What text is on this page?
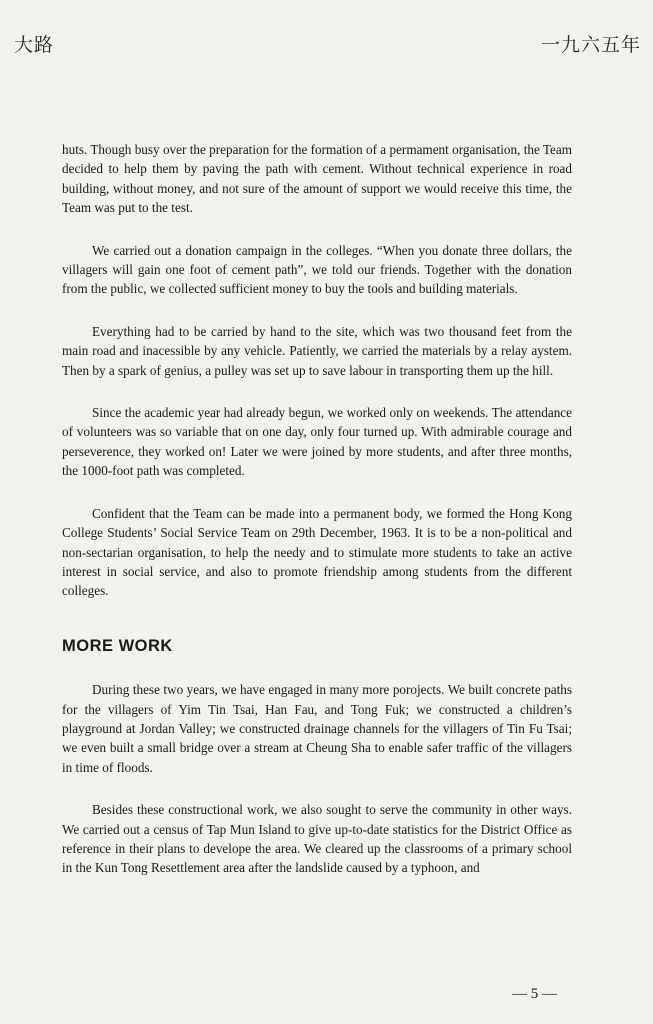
大路	一九六五年

huts. Though busy over the preparation for the formation of a permament organisation, the Team decided to help them by paving the path with cement. Without technical experience in road building, without money, and not sure of the amount of support we would receive this time, the Team was put to the test.

We carried out a donation campaign in the colleges. “When you donate three dollars, the villagers will gain one foot of cement path”, we told our friends. Together with the donation from the public, we collected sufficient money to buy the tools and building materials.

Everything had to be carried by hand to the site, which was two thousand feet from the main road and inacessible by any vehicle. Patiently, we carried the materials by a relay aystem. Then by a spark of genius, a pulley was set up to save labour in transporting them up the hill.

Since the academic year had already begun, we worked only on weekends. The attendance of volunteers was so variable that on one day, only four turned up. With admirable courage and perseverence, they worked on! Later we were joined by more students, and after three months, the 1000-foot path was completed.

Confident that the Team can be made into a permanent body, we formed the Hong Kong College Students’ Social Service Team on 29th December, 1963. It is to be a non-political and non-sectarian organisation, to help the needy and to stimulate more students to take an active interest in social service, and also to promote friendship among students from the different colleges.

MORE WORK

During these two years, we have engaged in many more porojects. We built concrete paths for the villagers of Yim Tin Tsai, Han Fau, and Tong Fuk; we constructed a children’s playground at Jordan Valley; we constructed drainage channels for the villagers of Tin Fu Tsai; we even built a small bridge over a stream at Cheung Sha to enable safer traffic of the villagers in time of floods.

Besides these constructional work, we also sought to serve the community in other ways. We carried out a census of Tap Mun Island to give up-to-date statistics for the District Office as reference in their plans to develope the area. We cleared up the classrooms of a primary school in the Kun Tong Resettlement area after the landslide caused by a typhoon, and

— 5 —
